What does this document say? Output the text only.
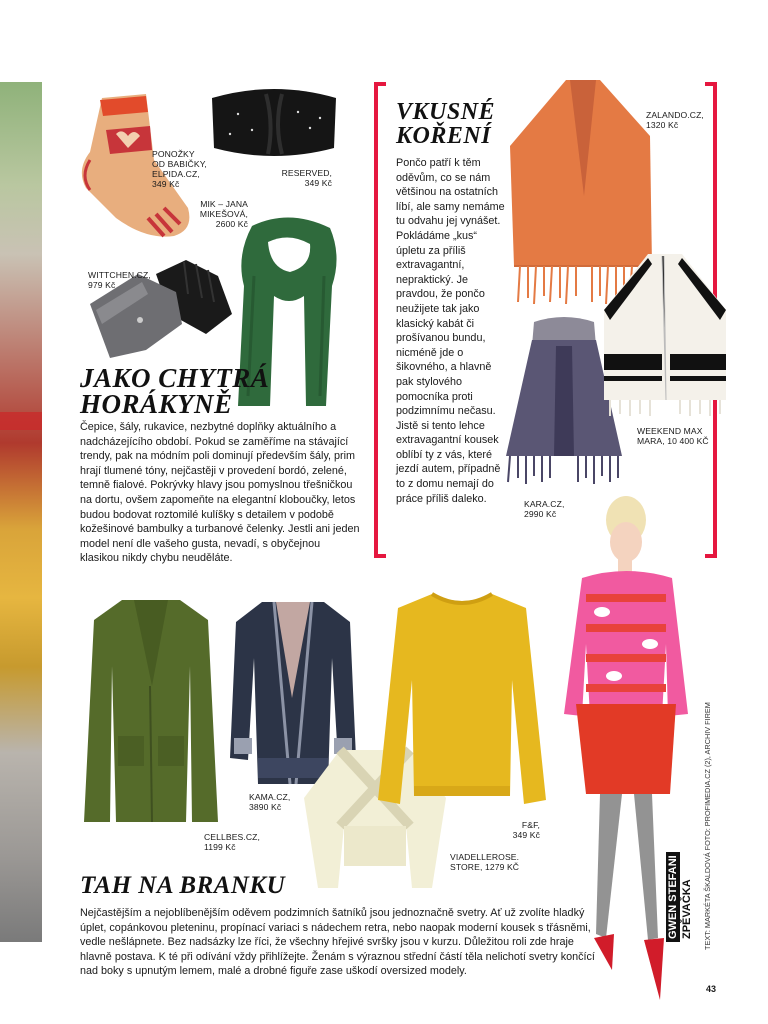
PONOŽKY
OD BABIČKY,
ELPIDA.CZ,
349 Kč
RESERVED,
349 Kč
MIK – JANA
MIKEŠOVÁ,
2600 Kč
WITTCHEN.CZ,
979 Kč
ZALANDO.CZ,
1320 Kč
KARA.CZ,
2990 Kč
WEEKEND MAX
MARA, 10 400 KČ
CELLBES.CZ,
1199 Kč
KAMA.CZ,
3890 Kč
VIADELLEROSE.
STORE, 1279 KČ
F&F,
349 Kč
JAKO CHYTRÁ
HORÁKYNĚ

Čepice, šály, rukavice, nezbytné doplňky aktuálního a nadcházejícího období. Pokud se zaměříme na stávající trendy, pak na módním poli dominují především šály, prim hrají tlumené tóny, nejčastěji v provedení bordó, zelené, temně fialové. Pokrývky hlavy jsou pomyslnou třešničkou na dortu, ovšem zapomeňte na elegantní kloboučky, letos budou bodovat roztomilé kulíšky s detailem v podobě kožešinové bambulky a turbanové čelenky. Jestli ani jeden model není dle vašeho gusta, nevadí, s obyčejnou klasikou nikdy chybu neuděláte.

VKUSNÉ
KOŘENÍ

Pončo patří k těm oděvům, co se nám většinou na ostatních líbí, ale samy nemáme tu odvahu jej vynášet. Pokládáme „kus“ úpletu za příliš extravagantní, nepraktický. Je pravdou, že pončo neužijete tak jako klasický kabát či prošívanou bundu, nicméně jde o šikovného, a hlavně pak stylového pomocníka proti podzimnímu nečasu. Jistě si tento lehce extravagantní kousek oblíbí ty z vás, které jezdí autem, případně to z domu nemají do práce příliš daleko.

TAH NA BRANKU

Nejčastějším a nejoblíbenějším oděvem podzimních šatníků jsou jednoznačně svetry. Ať už zvolíte hladký úplet, copánkovou pleteninu, propínací variaci s nádechem retra, nebo naopak moderní kousek s třásněmi, vedle nešlápnete. Bez nadsázky lze říci, že všechny hřejivé svršky jsou v kurzu. Důležitou roli zde hraje hlavně postava. K té při odívání vždy přihlížejte. Ženám s výraznou střední částí těla nelichotí svetry končící nad boky s upnutým lemem, malé a drobné figuře zase uškodí oversized modely.

GWEN STEFANI ZPĚVAČKA TEXT: MARKÉTA ŠKALDOVÁ FOTO: PROFIMEDIA.CZ (2), ARCHIV FIREM
43
